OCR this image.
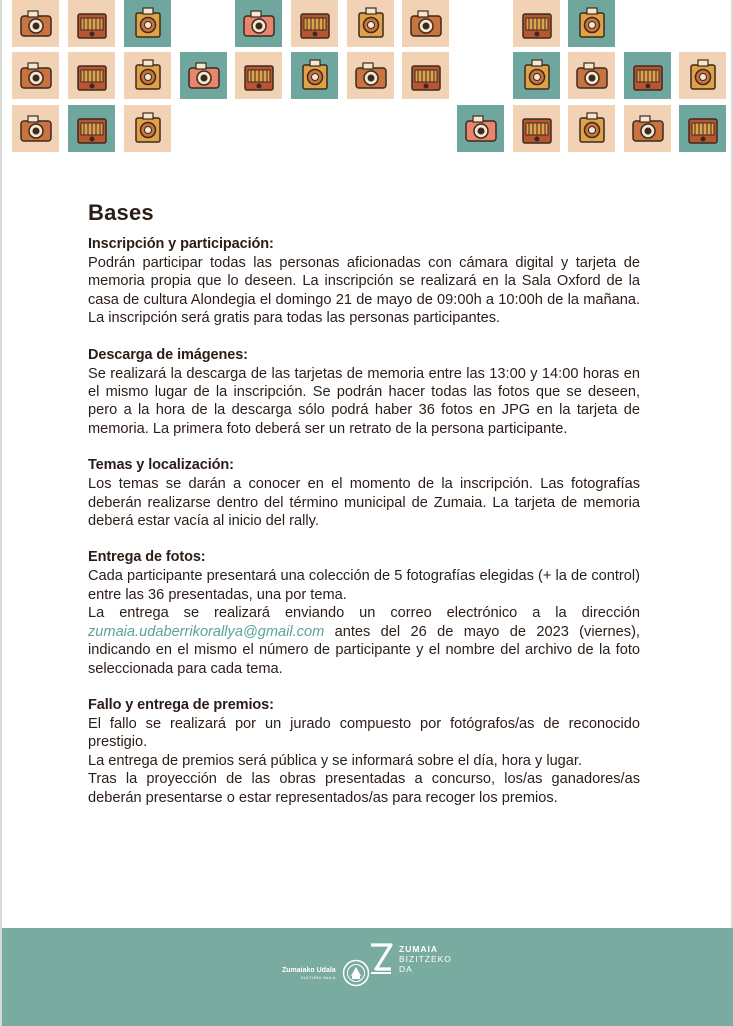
Bases
Inscripción y participación:

Podrán participar todas las personas aficionadas con cámara digital y tarjeta de memoria propia que lo deseen. La inscripción se realizará en la Sala Oxford de la casa de cultura Alondegia el domingo 21 de mayo de 09:00h a 10:00h de la mañana. La inscripción será gratis para todas las personas participantes.

Descarga de imágenes:

Se realizará la descarga de las tarjetas de memoria entre las 13:00 y 14:00 horas en el mismo lugar de la inscripción. Se podrán hacer todas las fotos que se deseen, pero a la hora de la descarga sólo podrá haber 36 fotos en JPG en la tarjeta de memoria. La primera foto deberá ser un retrato de la persona participante.

Temas y localización:

Los temas se darán a conocer en el momento de la inscripción. Las fotografías deberán realizarse dentro del término municipal de Zumaia. La tarjeta de memoria deberá estar vacía al inicio del rally.

Entrega de fotos:

Cada participante presentará una colección de 5 fotografías elegidas (+ la de control) entre las 36 presentadas, una por tema.

La entrega se realizará enviando un correo electrónico a la dirección zumaia.udaberrikorallya@gmail.com antes del 26 de mayo de 2023 (viernes), indicando en el mismo el número de participante y el nombre del archivo de la foto seleccionada para cada tema.

Fallo y entrega de premios:

El fallo se realizará por un jurado compuesto por fotógrafos/as de reconocido prestigio.

La entrega de premios será pública y se informará sobre el día, hora y lugar.

Tras la proyección de las obras presentadas a concurso, los/as ganadores/as deberán presentarse o estar representados/as para recoger los premios.

Zumaiako Udala
KULTURA SAILA
ZUMAIA
BIZITZEKO
DA
